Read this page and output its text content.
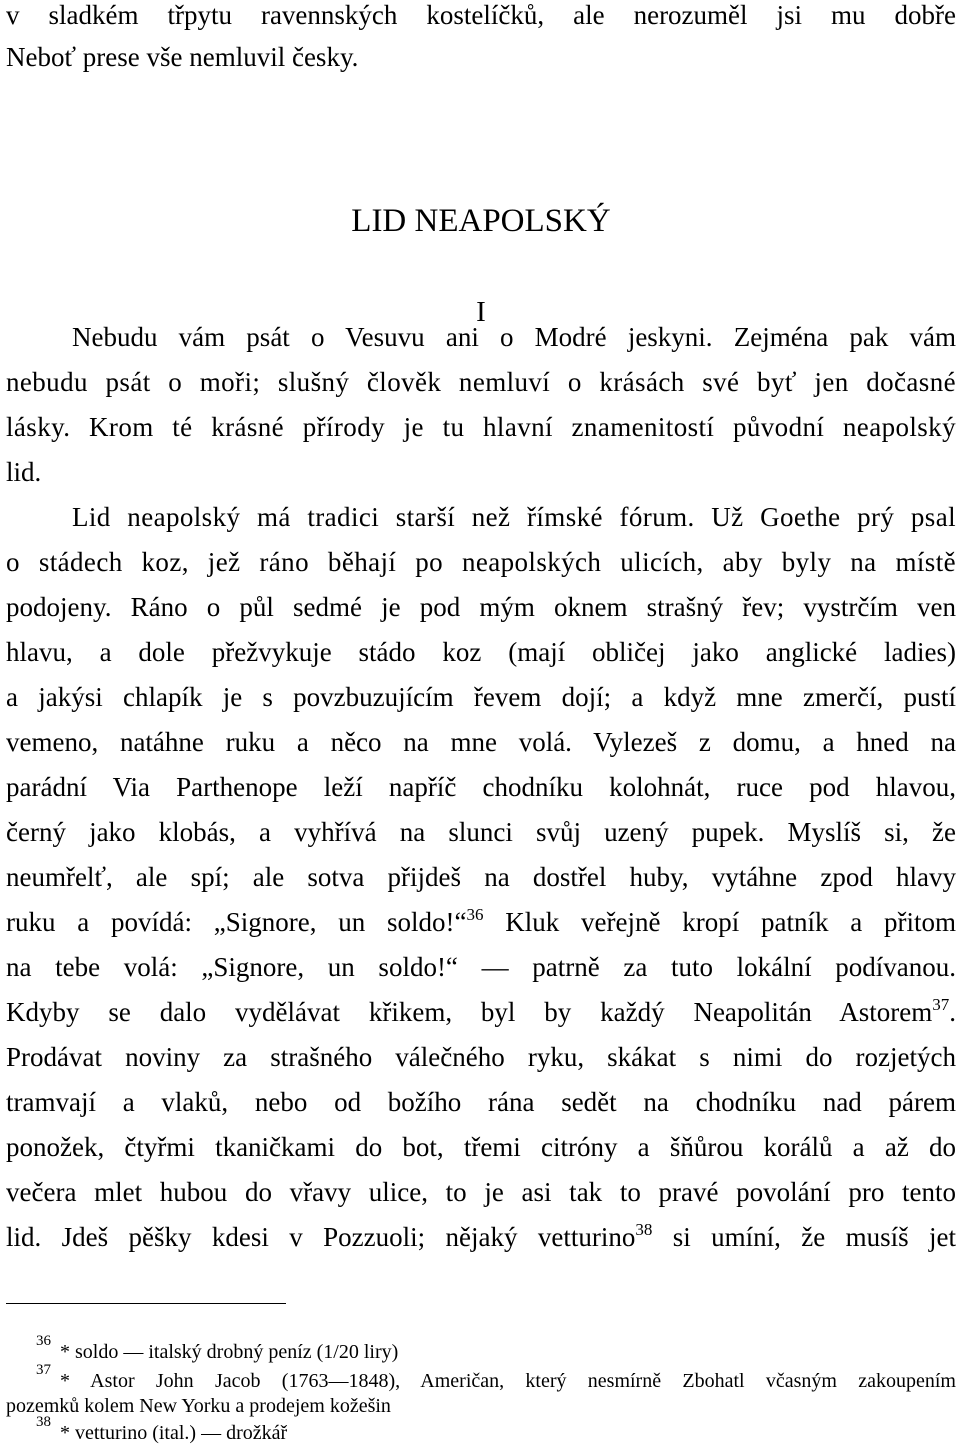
v sladkém třpytu ravennských kostelíčků, ale nerozuměl jsi mu dobře
Neboť prese vše nemluvil česky.
LID NEAPOLSKÝ
I
Nebudu vám psát o Vesuvu ani o Modré jeskyni. Zejména pak vám
nebudu psát o moři; slušný člověk nemluví o krásách své byť jen dočasné
lásky. Krom té krásné přírody je tu hlavní znamenitostí původní neapolský
lid.
Lid neapolský má tradici starší než římské fórum. Už Goethe prý psal
o stádech koz, jež ráno běhají po neapolských ulicích, aby byly na místě
podojeny. Ráno o půl sedmé je pod mým oknem strašný řev; vystrčím ven
hlavu, a dole přežvykuje stádo koz (mají obličej jako anglické ladies)
a jakýsi chlapík je s povzbuzujícím řevem dojí; a když mne zmerčí, pustí
vemeno, natáhne ruku a něco na mne volá. Vylezeš z domu, a hned na
parádní Via Parthenope leží napříč chodníku kolohnát, ruce pod hlavou,
černý jako klobás, a vyhřívá na slunci svůj uzený pupek. Myslíš si, že
neumřelť, ale spí; ale sotva přijdeš na dostřel huby, vytáhne zpod hlavy
ruku a povídá: „Signore, un soldo!“$^{36}$ Kluk veřejně kropí patník a přitom
na tebe volá: „Signore, un soldo!“ — patrně za tuto lokální podívanou.
Kdyby se dalo vydělávat křikem, byl by každý Neapolitán Astorem$^{37}$.
Prodávat noviny za strašného válečného ryku, skákat s nimi do rozjetých
tramvají a vlaků, nebo od božího rána sedět na chodníku nad párem
ponožek, čtyřmi tkaničkami do bot, třemi citróny a šňůrou korálů a až do
večera mlet hubou do vřavy ulice, to je asi tak to pravé povolání pro tento
lid. Jdeš pěšky kdesi v Pozzuoli; nějaký vetturino$^{38}$ si umíní, že musíš jet
36 * soldo — italský drobný peníz (1/20 liry)
37 * Astor John Jacob (1763—1848), Američan, který nesmírně Zbohatl včasným zakoupením
pozemků kolem New Yorku a prodejem kožešin
38 * vetturino (ital.) — drožkář
